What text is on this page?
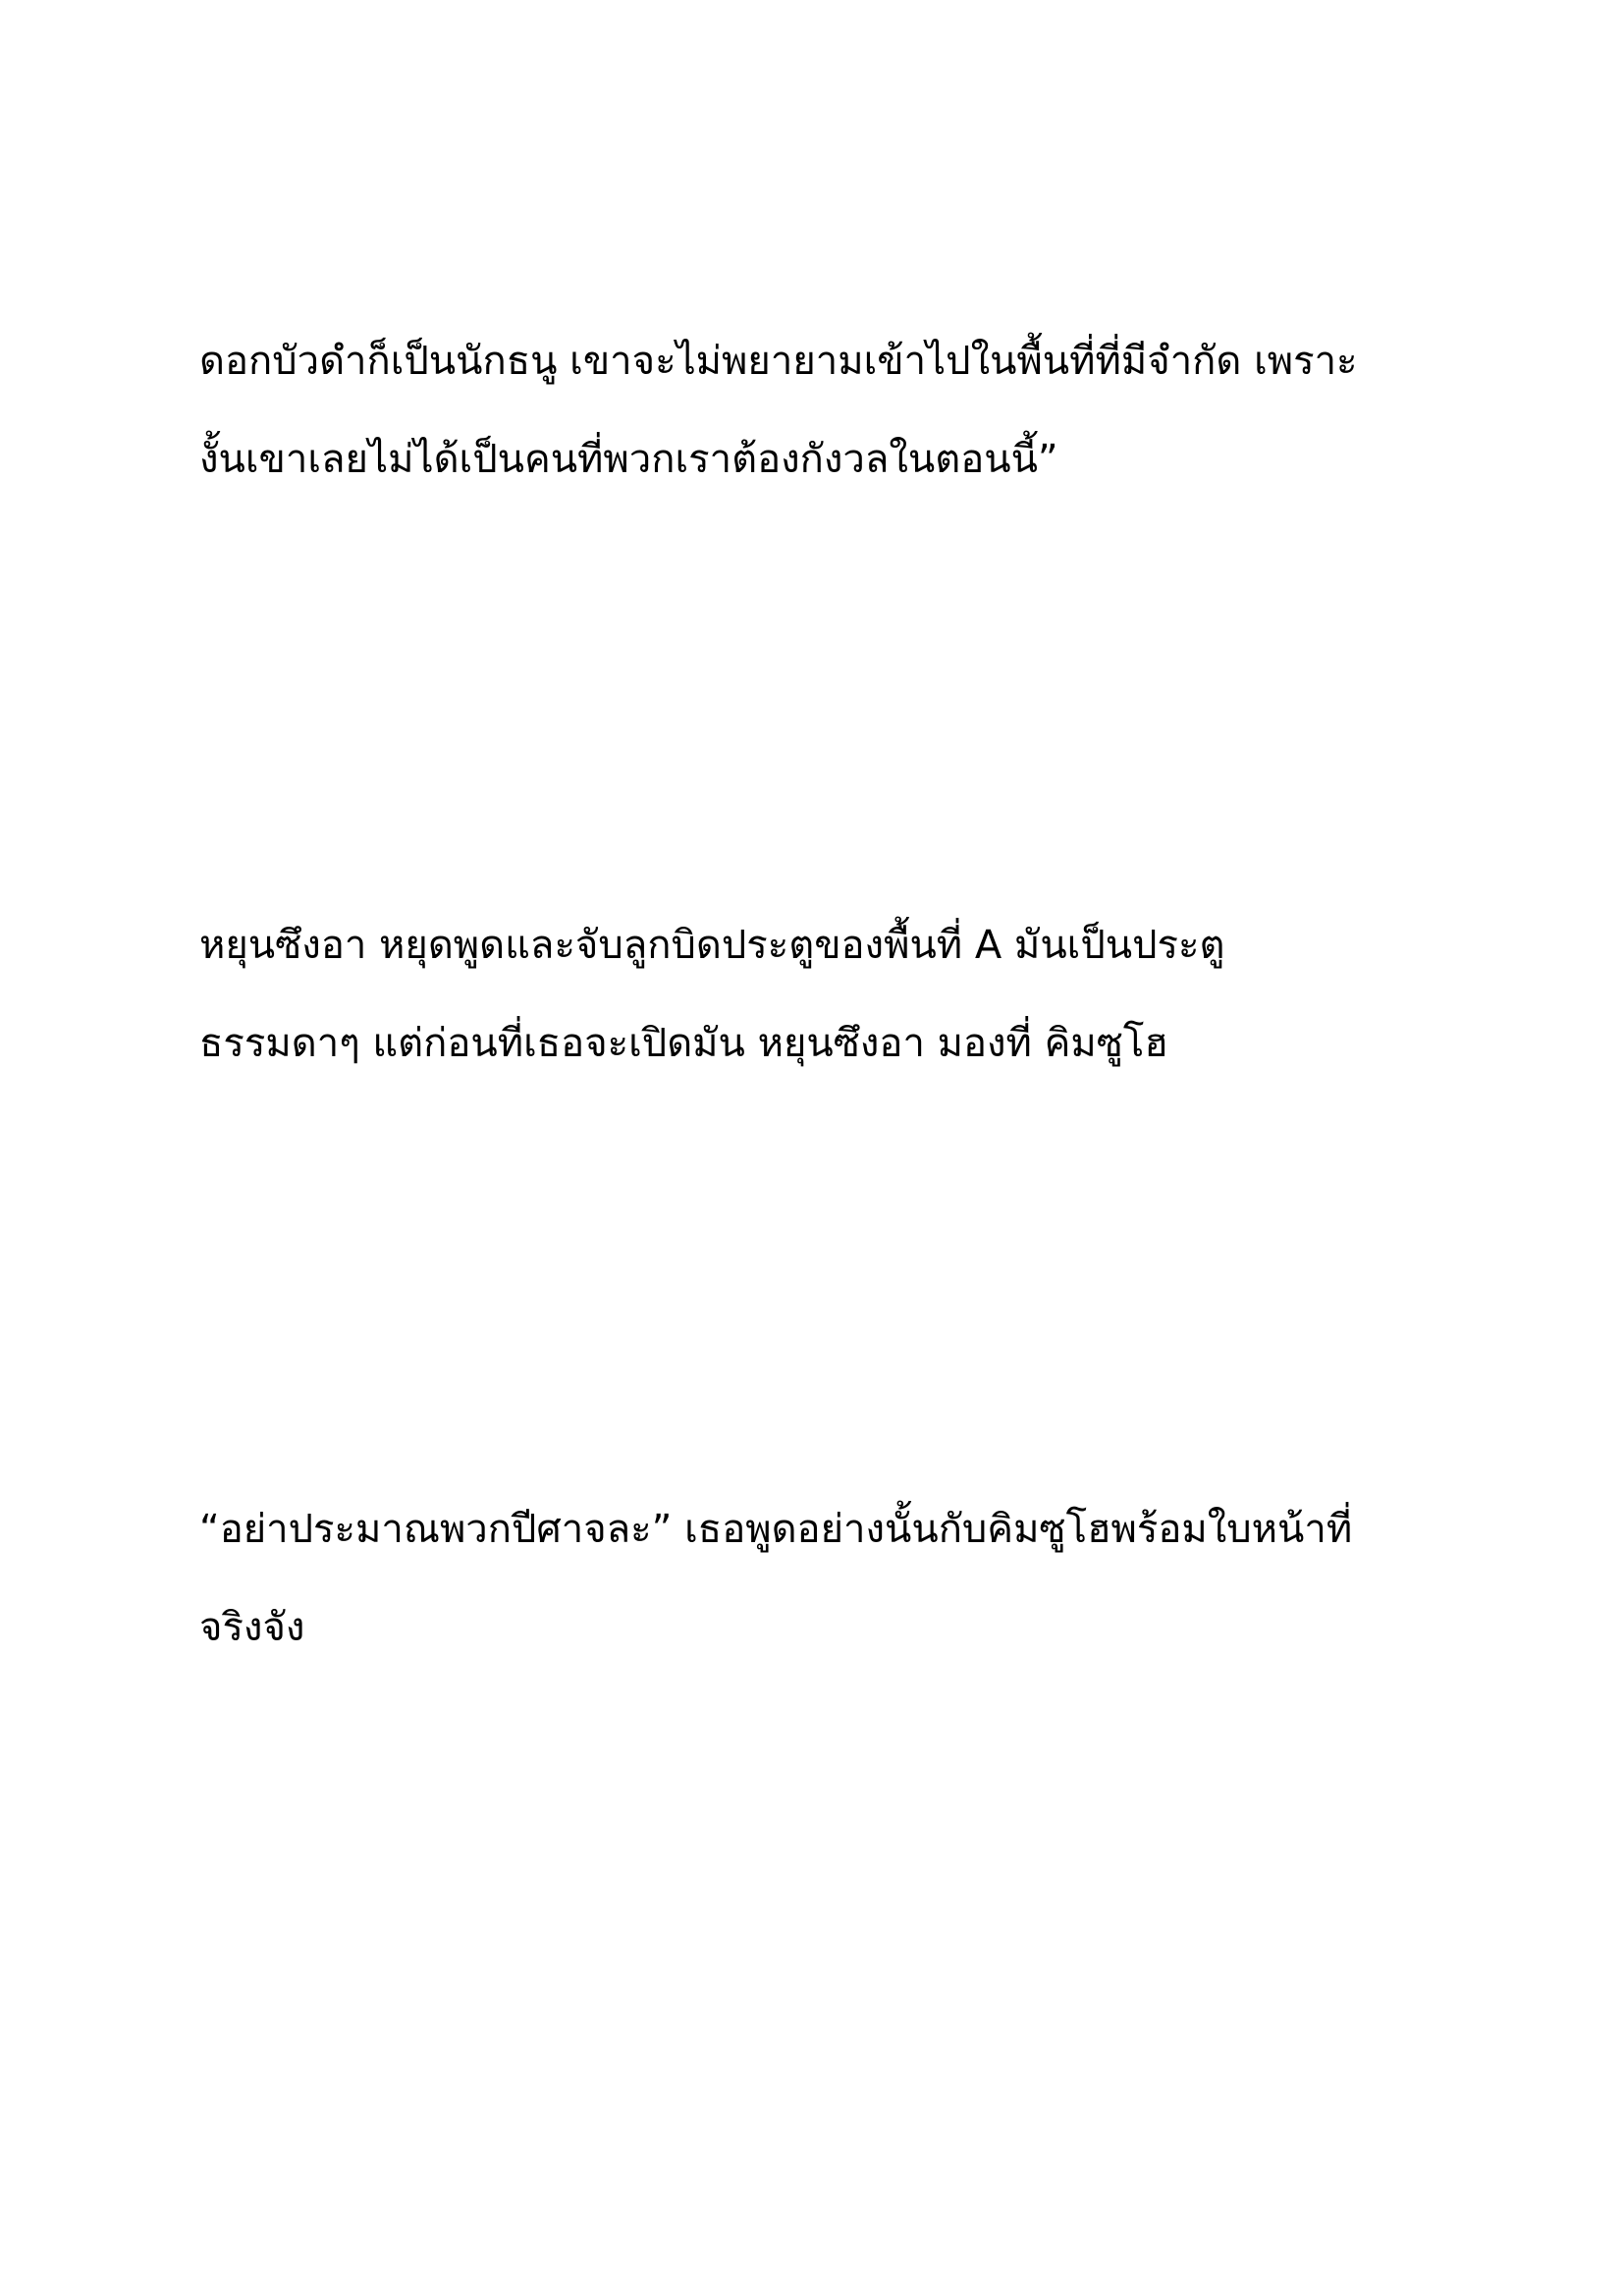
ดอกบัวดำก็เป็นนักธนู เขาจะไม่พยายามเข้าไปในพื้นที่ที่มีจำกัด เพราะ

งั้นเขาเลยไม่ได้เป็นคนที่พวกเราต้องกังวลในตอนนี้”

หยุนซึงอา หยุดพูดและจับลูกบิดประตูของพื้นที่ A มันเป็นประตู

ธรรมดาๆ แต่ก่อนที่เธอจะเปิดมัน หยุนซึงอา มองที่ คิมซูโฮ

“อย่าประมาณพวกปีศาจละ” เธอพูดอย่างนั้นกับคิมซูโฮพร้อมใบหน้าที่

จริงจัง
